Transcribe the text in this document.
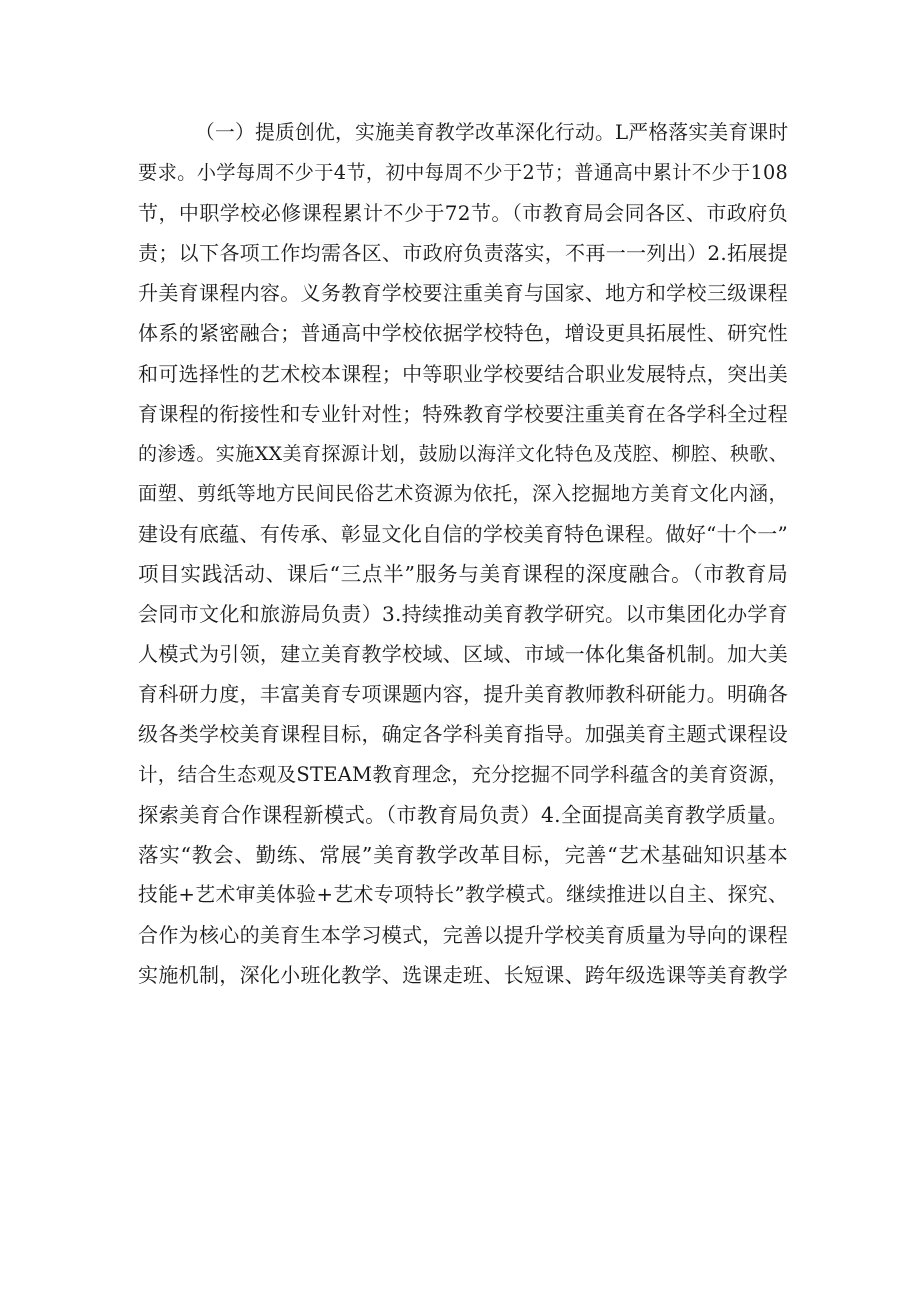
（一）提质创优，实施美育教学改革深化行动。L严格落实美育课时
要求。小学每周不少于4节，初中每周不少于2节；普通高中累计不少于108
节，中职学校必修课程累计不少于72节。（市教育局会同各区、市政府负
责；以下各项工作均需各区、市政府负责落实，不再一一列出）2.拓展提
升美育课程内容。义务教育学校要注重美育与国家、地方和学校三级课程
体系的紧密融合；普通高中学校依据学校特色，增设更具拓展性、研究性
和可选择性的艺术校本课程；中等职业学校要结合职业发展特点，突出美
育课程的衔接性和专业针对性；特殊教育学校要注重美育在各学科全过程
的渗透。实施XX美育探源计划，鼓励以海洋文化特色及茂腔、柳腔、秧歌、
面塑、剪纸等地方民间民俗艺术资源为依托，深入挖掘地方美育文化内涵，
建设有底蕴、有传承、彰显文化自信的学校美育特色课程。做好“十个一”
项目实践活动、课后“三点半”服务与美育课程的深度融合。（市教育局
会同市文化和旅游局负责）3.持续推动美育教学研究。以市集团化办学育
人模式为引领，建立美育教学校域、区域、市域一体化集备机制。加大美
育科研力度，丰富美育专项课题内容，提升美育教师教科研能力。明确各
级各类学校美育课程目标，确定各学科美育指导。加强美育主题式课程设
计，结合生态观及STEAM教育理念，充分挖掘不同学科蕴含的美育资源，
探索美育合作课程新模式。（市教育局负责）4.全面提高美育教学质量。
落实“教会、勤练、常展”美育教学改革目标，完善“艺术基础知识基本
技能+艺术审美体验+艺术专项特长”教学模式。继续推进以自主、探究、
合作为核心的美育生本学习模式，完善以提升学校美育质量为导向的课程
实施机制，深化小班化教学、选课走班、长短课、跨年级选课等美育教学
